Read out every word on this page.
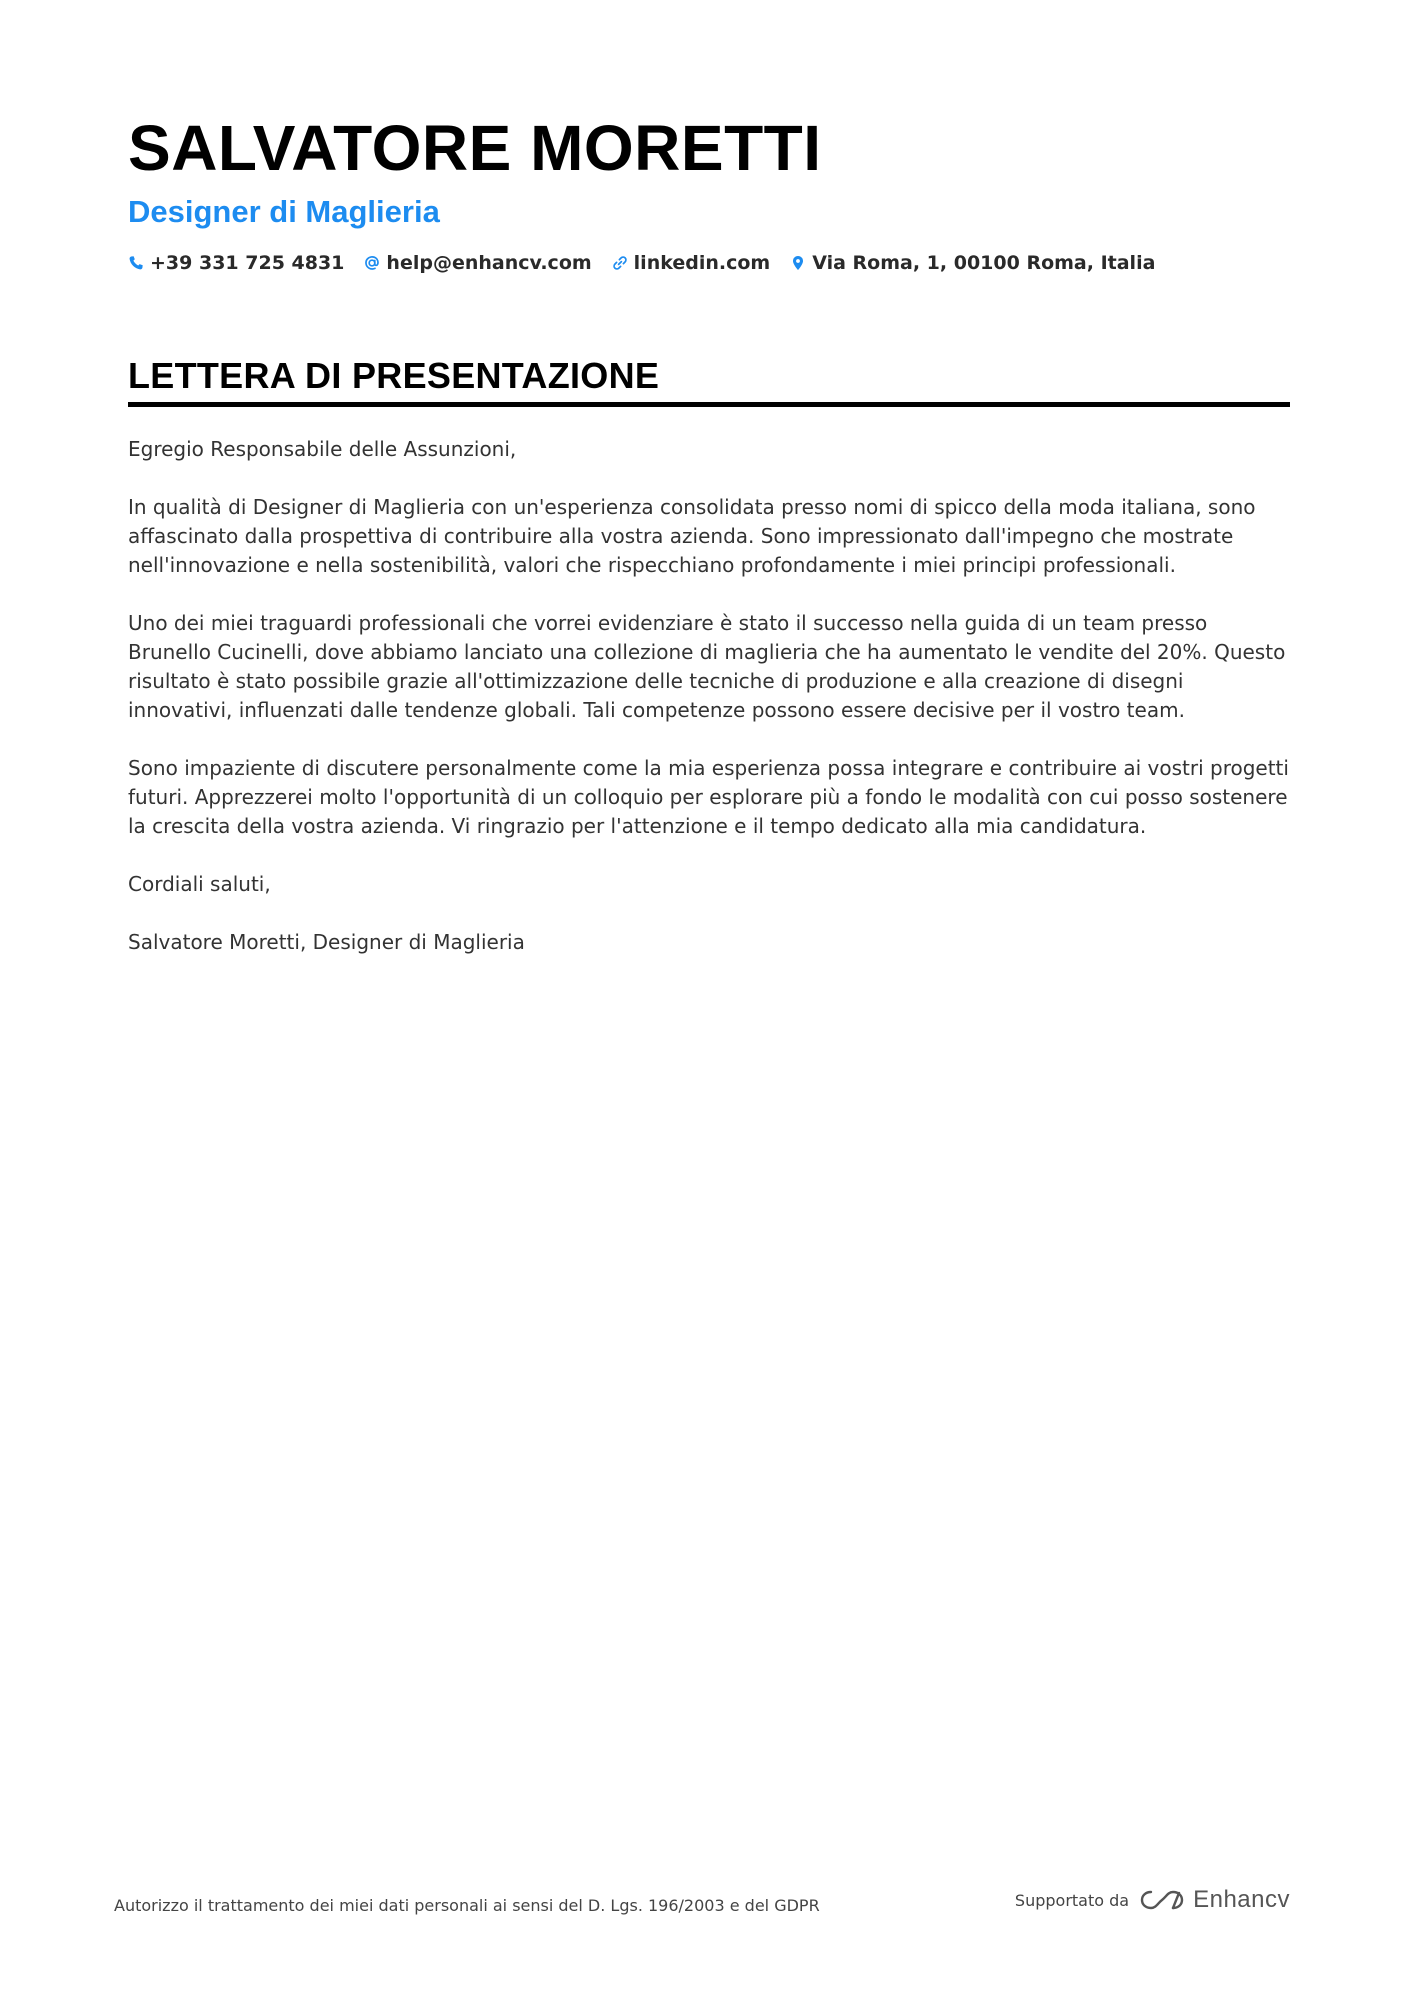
SALVATORE MORETTI
Designer di Maglieria
+39 331 725 4831 help@enhancv.com linkedin.com Via Roma, 1, 00100 Roma, Italia
LETTERA DI PRESENTAZIONE

Egregio Responsabile delle Assunzioni,

In qualità di Designer di Maglieria con un'esperienza consolidata presso nomi di spicco della moda italiana, sono affascinato dalla prospettiva di contribuire alla vostra azienda. Sono impressionato dall'impegno che mostrate nell'innovazione e nella sostenibilità, valori che rispecchiano profondamente i miei principi professionali.

Uno dei miei traguardi professionali che vorrei evidenziare è stato il successo nella guida di un team presso Brunello Cucinelli, dove abbiamo lanciato una collezione di maglieria che ha aumentato le vendite del 20%. Questo risultato è stato possibile grazie all'ottimizzazione delle tecniche di produzione e alla creazione di disegni innovativi, influenzati dalle tendenze globali. Tali competenze possono essere decisive per il vostro team.

Sono impaziente di discutere personalmente come la mia esperienza possa integrare e contribuire ai vostri progetti futuri. Apprezzerei molto l'opportunità di un colloquio per esplorare più a fondo le modalità con cui posso sostenere la crescita della vostra azienda. Vi ringrazio per l'attenzione e il tempo dedicato alla mia candidatura.

Cordiali saluti,

Salvatore Moretti, Designer di Maglieria

Autorizzo il trattamento dei miei dati personali ai sensi del D. Lgs. 196/2003 e del GDPR	Supportato da	Enhancv
